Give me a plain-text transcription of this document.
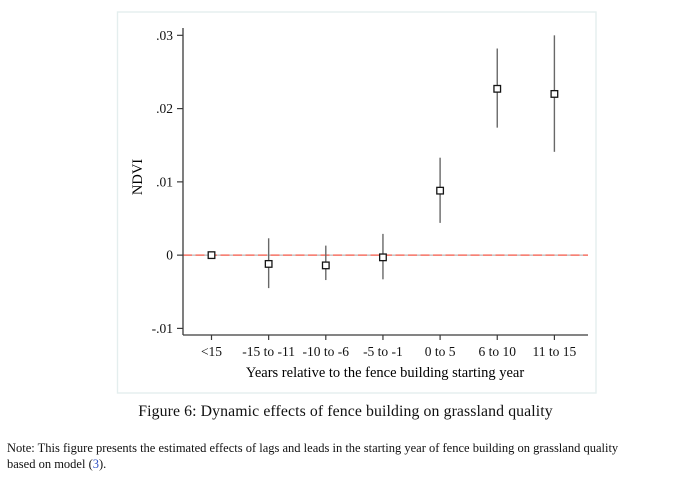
-.01
0
.01
.02
.03
<15 -15 to -11 -10 to -6 -5 to -1 0 to 5 6 to 10 11 to 15
NDVI
Years relative to the fence building starting year
Figure 6: Dynamic effects of fence building on grassland quality
Note: This figure presents the estimated effects of lags and leads in the starting year of fence building on grassland quality
based on model (3).
